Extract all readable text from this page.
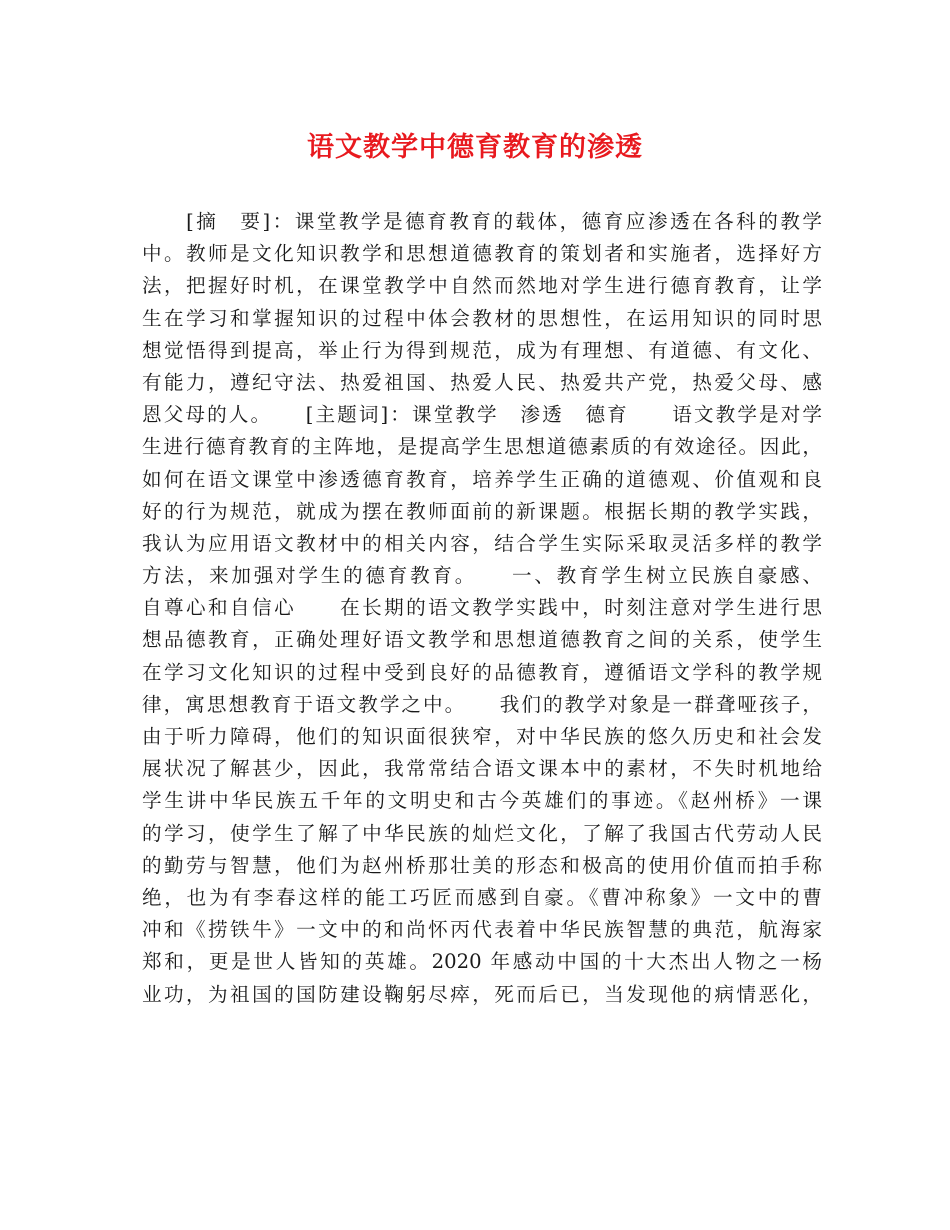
语文教学中德育教育的渗透
　　[摘　要]：课堂教学是德育教育的载体，德育应渗透在各科的教学
中。教师是文化知识教学和思想道德教育的策划者和实施者，选择好方
法，把握好时机，在课堂教学中自然而然地对学生进行德育教育，让学
生在学习和掌握知识的过程中体会教材的思想性，在运用知识的同时思
想觉悟得到提高，举止行为得到规范，成为有理想、有道德、有文化、
有能力，遵纪守法、热爱祖国、热爱人民、热爱共产党，热爱父母、感
恩父母的人。　　[主题词]：课堂教学　渗透　德育　　语文教学是对学
生进行德育教育的主阵地，是提高学生思想道德素质的有效途径。因此，
如何在语文课堂中渗透德育教育，培养学生正确的道德观、价值观和良
好的行为规范，就成为摆在教师面前的新课题。根据长期的教学实践，
我认为应用语文教材中的相关内容，结合学生实际采取灵活多样的教学
方法，来加强对学生的德育教育。　　一、教育学生树立民族自豪感、
自尊心和自信心　　在长期的语文教学实践中，时刻注意对学生进行思
想品德教育，正确处理好语文教学和思想道德教育之间的关系，使学生
在学习文化知识的过程中受到良好的品德教育，遵循语文学科的教学规
律，寓思想教育于语文教学之中。　　我们的教学对象是一群聋哑孩子，
由于听力障碍，他们的知识面很狭窄，对中华民族的悠久历史和社会发
展状况了解甚少，因此，我常常结合语文课本中的素材，不失时机地给
学生讲中华民族五千年的文明史和古今英雄们的事迹。《赵州桥》一课
的学习，使学生了解了中华民族的灿烂文化，了解了我国古代劳动人民
的勤劳与智慧，他们为赵州桥那壮美的形态和极高的使用价值而拍手称
绝，也为有李春这样的能工巧匠而感到自豪。《曹冲称象》一文中的曹
冲和《捞铁牛》一文中的和尚怀丙代表着中华民族智慧的典范，航海家
郑和，更是世人皆知的英雄。2020 年感动中国的十大杰出人物之一杨
业功，为祖国的国防建设鞠躬尽瘁，死而后已，当发现他的病情恶化，
